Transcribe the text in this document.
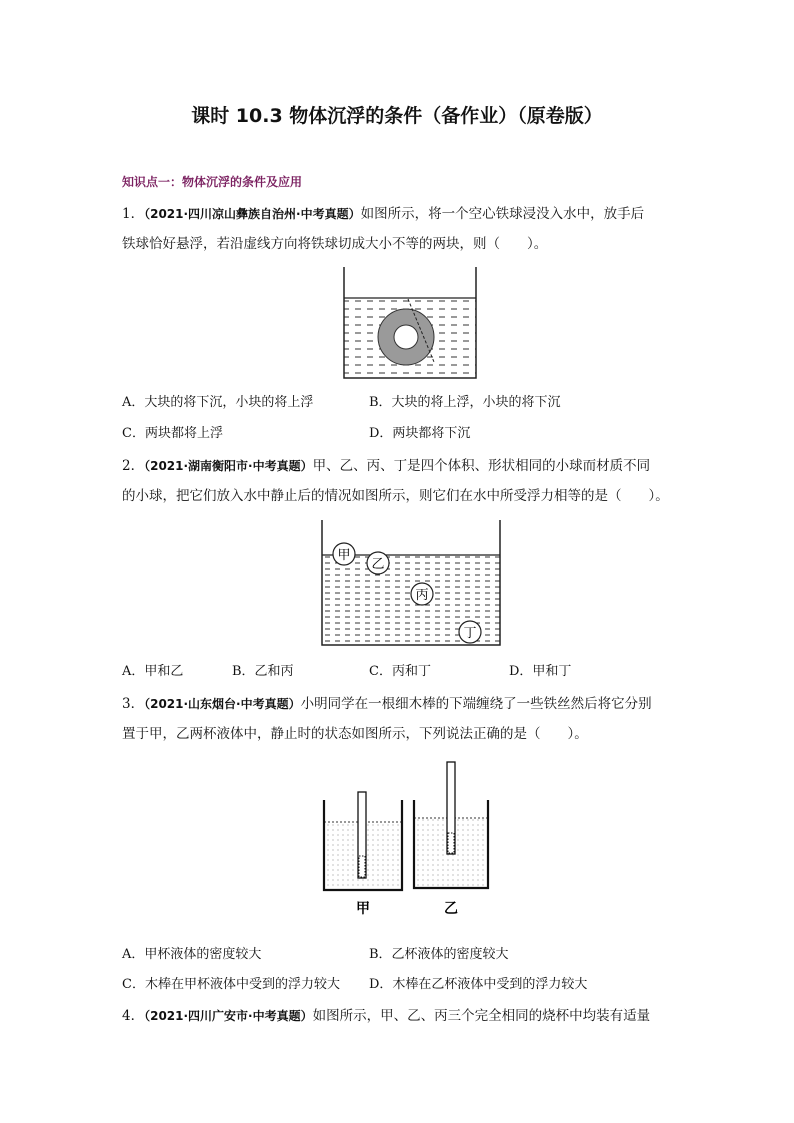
课时 10.3 物体沉浮的条件（备作业）（原卷版）
知识点一：物体沉浮的条件及应用
1．（2021·四川凉山彝族自治州·中考真题）如图所示，将一个空心铁球浸没入水中，放手后
铁球恰好悬浮，若沿虚线方向将铁球切成大小不等的两块，则（　　）。
A．大块的将下沉，小块的将上浮	B．大块的将上浮，小块的将下沉
C．两块都将上浮	D．两块都将下沉
2．（2021·湖南衡阳市·中考真题）甲、乙、丙、丁是四个体积、形状相同的小球而材质不同
的小球，把它们放入水中静止后的情况如图所示，则它们在水中所受浮力相等的是（　　）。
甲
乙
丙
丁
A．甲和乙	B．乙和丙	C．丙和丁	D．甲和丁
3．（2021·山东烟台·中考真题）小明同学在一根细木棒的下端缠绕了一些铁丝然后将它分别
置于甲，乙两杯液体中，静止时的状态如图所示，下列说法正确的是（　　）。
甲	乙
A．甲杯液体的密度较大	B．乙杯液体的密度较大
C．木棒在甲杯液体中受到的浮力较大 D．木棒在乙杯液体中受到的浮力较大
4．（2021·四川广安市·中考真题）如图所示，甲、乙、丙三个完全相同的烧杯中均装有适量
